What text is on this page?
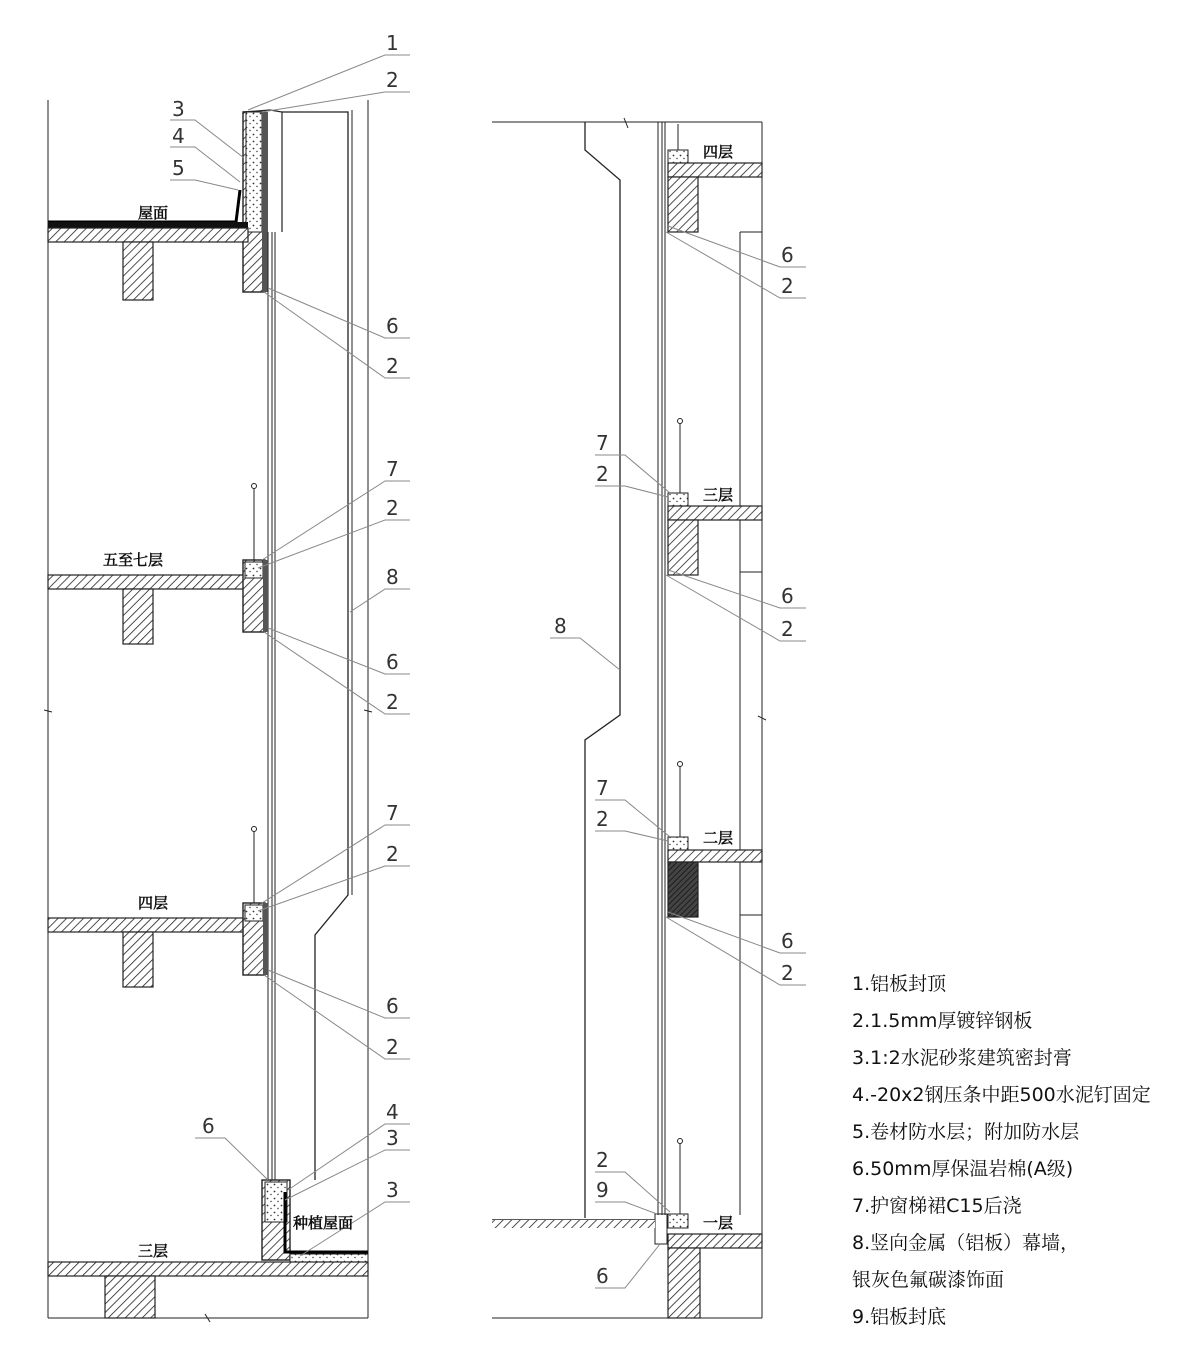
1
2
3
4
5
6
2
7
2
8
6
2
7
2
6
2
6
4
3
3
6
2
7
2
6
2
8
7
2
6
2
2
9
6
屋面
五至七层
四层
三层
种植屋面
四层
三层
二层
一层
1.铝板封顶
2.1.5mm厚镀锌钢板
3.1:2水泥砂浆建筑密封膏
4.-20x2钢压条中距500水泥钉固定
5.卷材防水层；附加防水层
6.50mm厚保温岩棉(A级)
7.护窗梯裙C15后浇
8.竖向金属（铝板）幕墙，
银灰色氟碳漆饰面
9.铝板封底
